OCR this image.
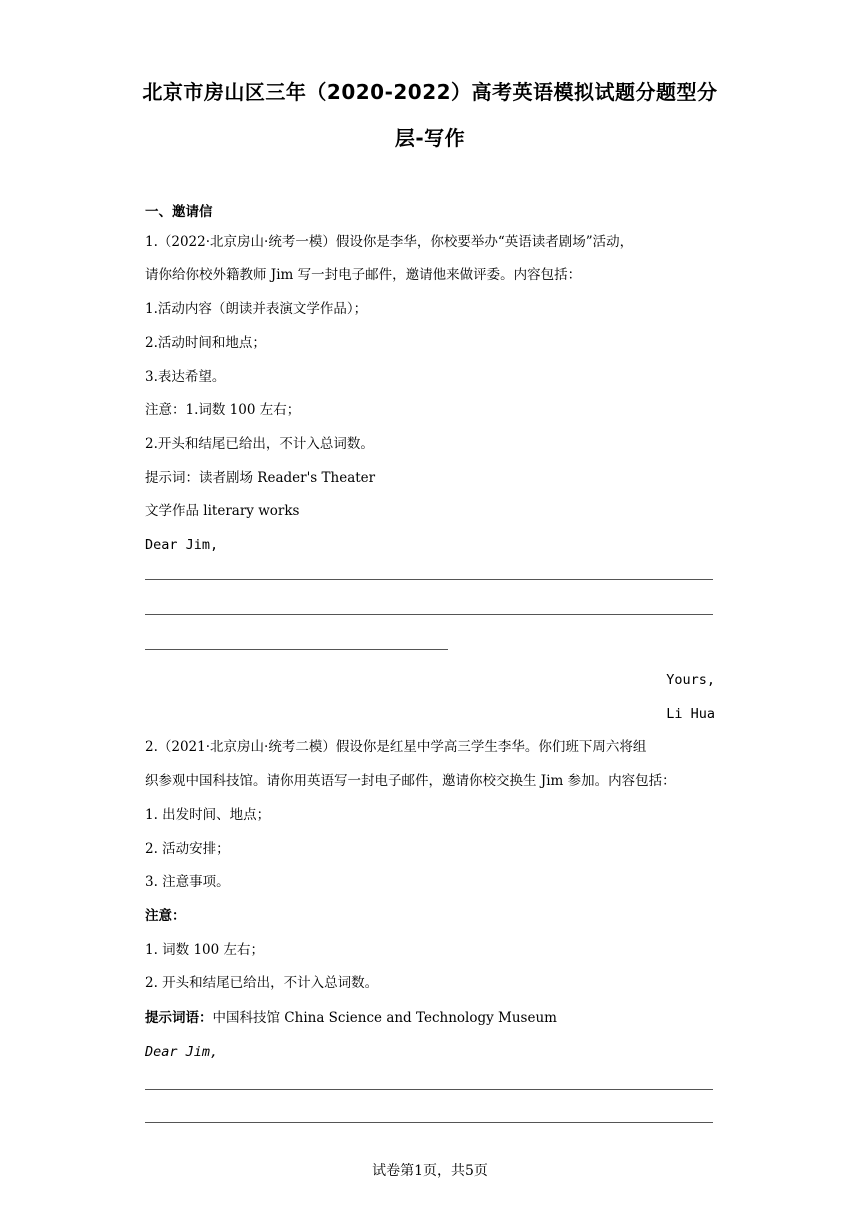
北京市房山区三年（2020-2022）高考英语模拟试题分题型分
层-写作
一、邀请信
1.（2022·北京房山·统考一模）假设你是李华，你校要举办“英语读者剧场”活动，
请你给你校外籍教师 Jim 写一封电子邮件，邀请他来做评委。内容包括：
1.活动内容（朗读并表演文学作品）；
2.活动时间和地点；
3.表达希望。
注意：1.词数 100 左右；
2.开头和结尾已给出，不计入总词数。
提示词：读者剧场 Reader's Theater
文学作品 literary works
Dear Jim,
Yours,
Li Hua
2.（2021·北京房山·统考二模）假设你是红星中学高三学生李华。你们班下周六将组
织参观中国科技馆。请你用英语写一封电子邮件，邀请你校交换生 Jim 参加。内容包括：
1. 出发时间、地点；
2. 活动安排；
3. 注意事项。
注意：
1. 词数 100 左右；
2. 开头和结尾已给出，不计入总词数。
提示词语：中国科技馆 China Science and Technology Museum
Dear Jim,
试卷第1页，共5页
